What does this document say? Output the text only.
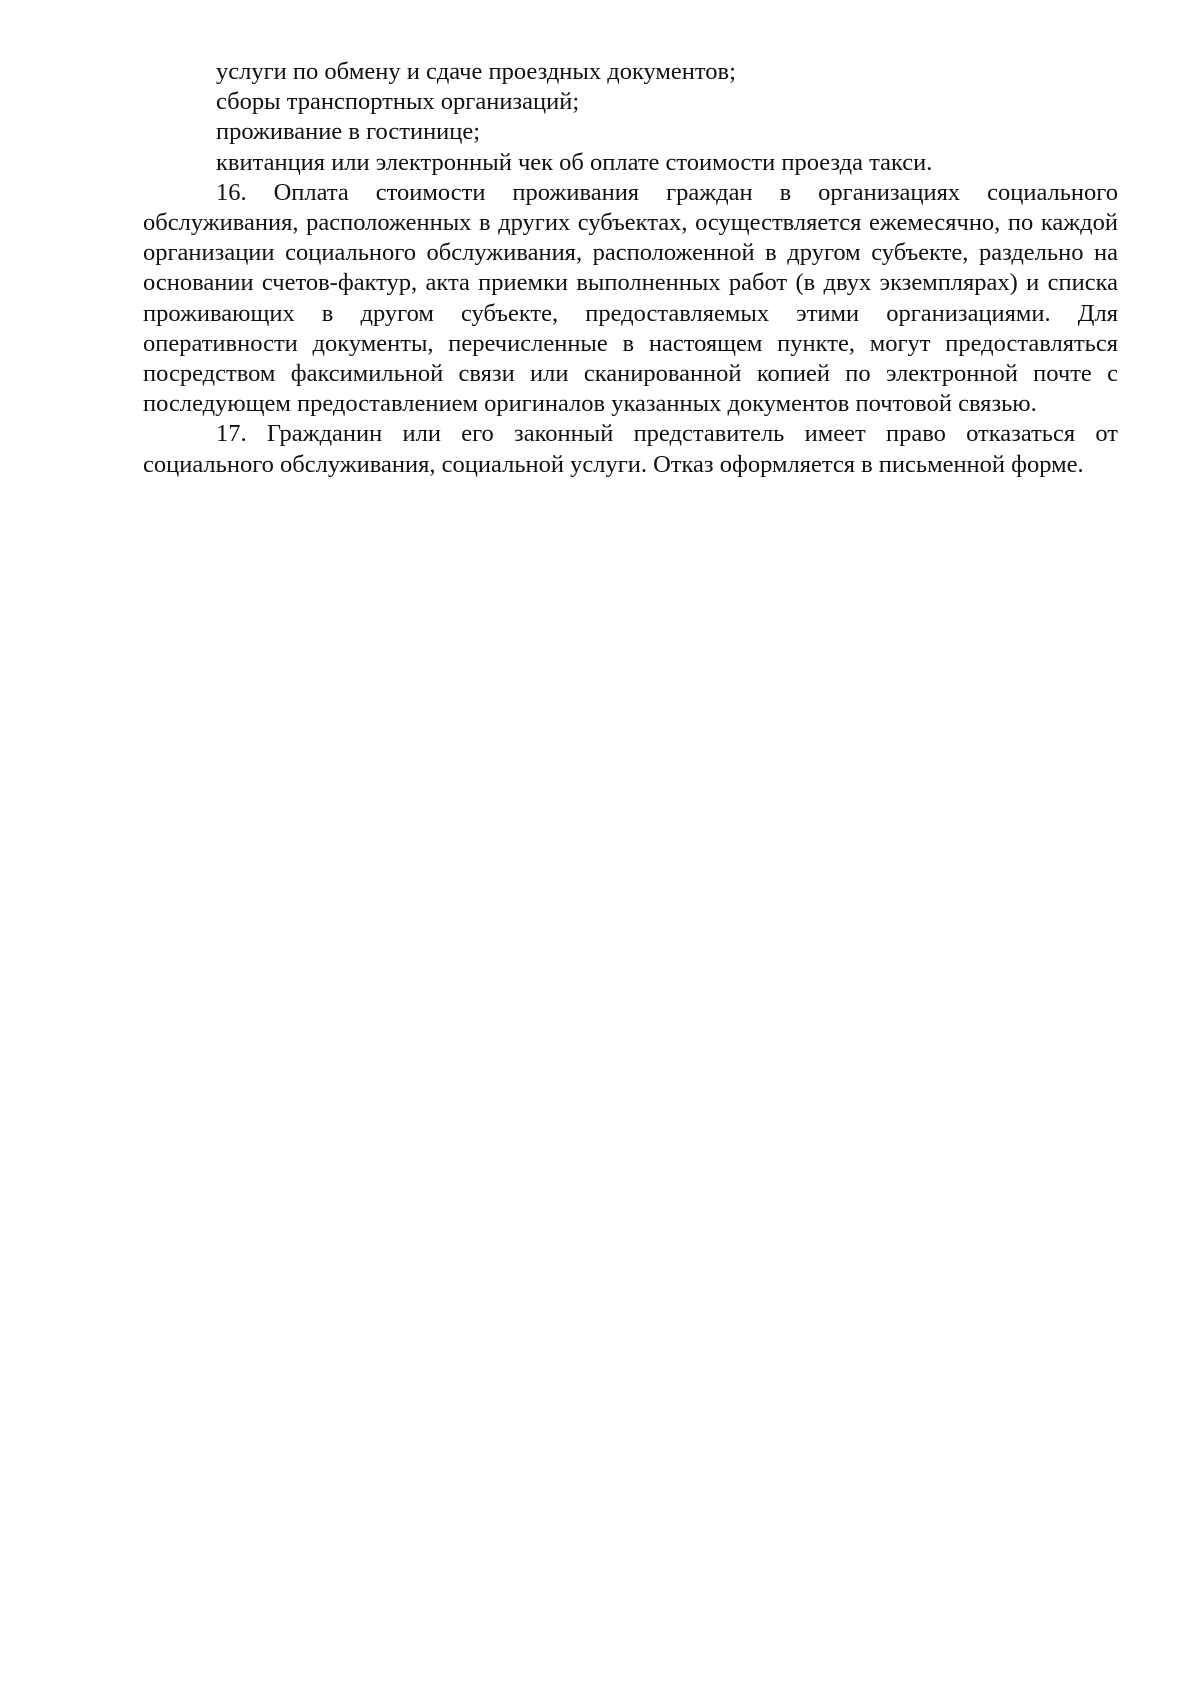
услуги по обмену и сдаче проездных документов;

сборы транспортных организаций;

проживание в гостинице;

квитанция или электронный чек об оплате стоимости проезда такси.

16. Оплата стоимости проживания граждан в организациях социального обслуживания, расположенных в других субъектах, осуществляется ежемесячно, по каждой организации социального обслуживания, расположенной в другом субъекте, раздельно на основании счетов-фактур, акта приемки выполненных работ (в двух экземплярах) и списка проживающих в другом субъекте, предоставляемых этими организациями. Для оперативности документы, перечисленные в настоящем пункте, могут предоставляться посредством факсимильной связи или сканированной копией по электронной почте с последующем предоставлением оригиналов указанных документов почтовой связью.

17. Гражданин или его законный представитель имеет право отказаться от социального обслуживания, социальной услуги. Отказ оформляется в письменной форме.
